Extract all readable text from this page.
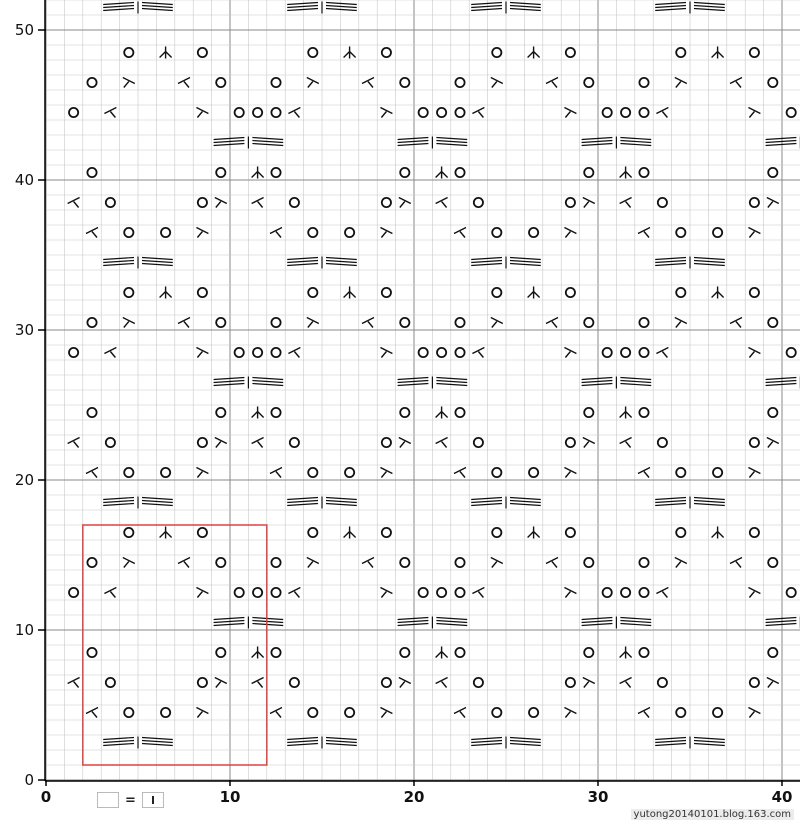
0	10	20	30	40
0
10
20
30
40
50
=
yutong20140101.blog.163.com
